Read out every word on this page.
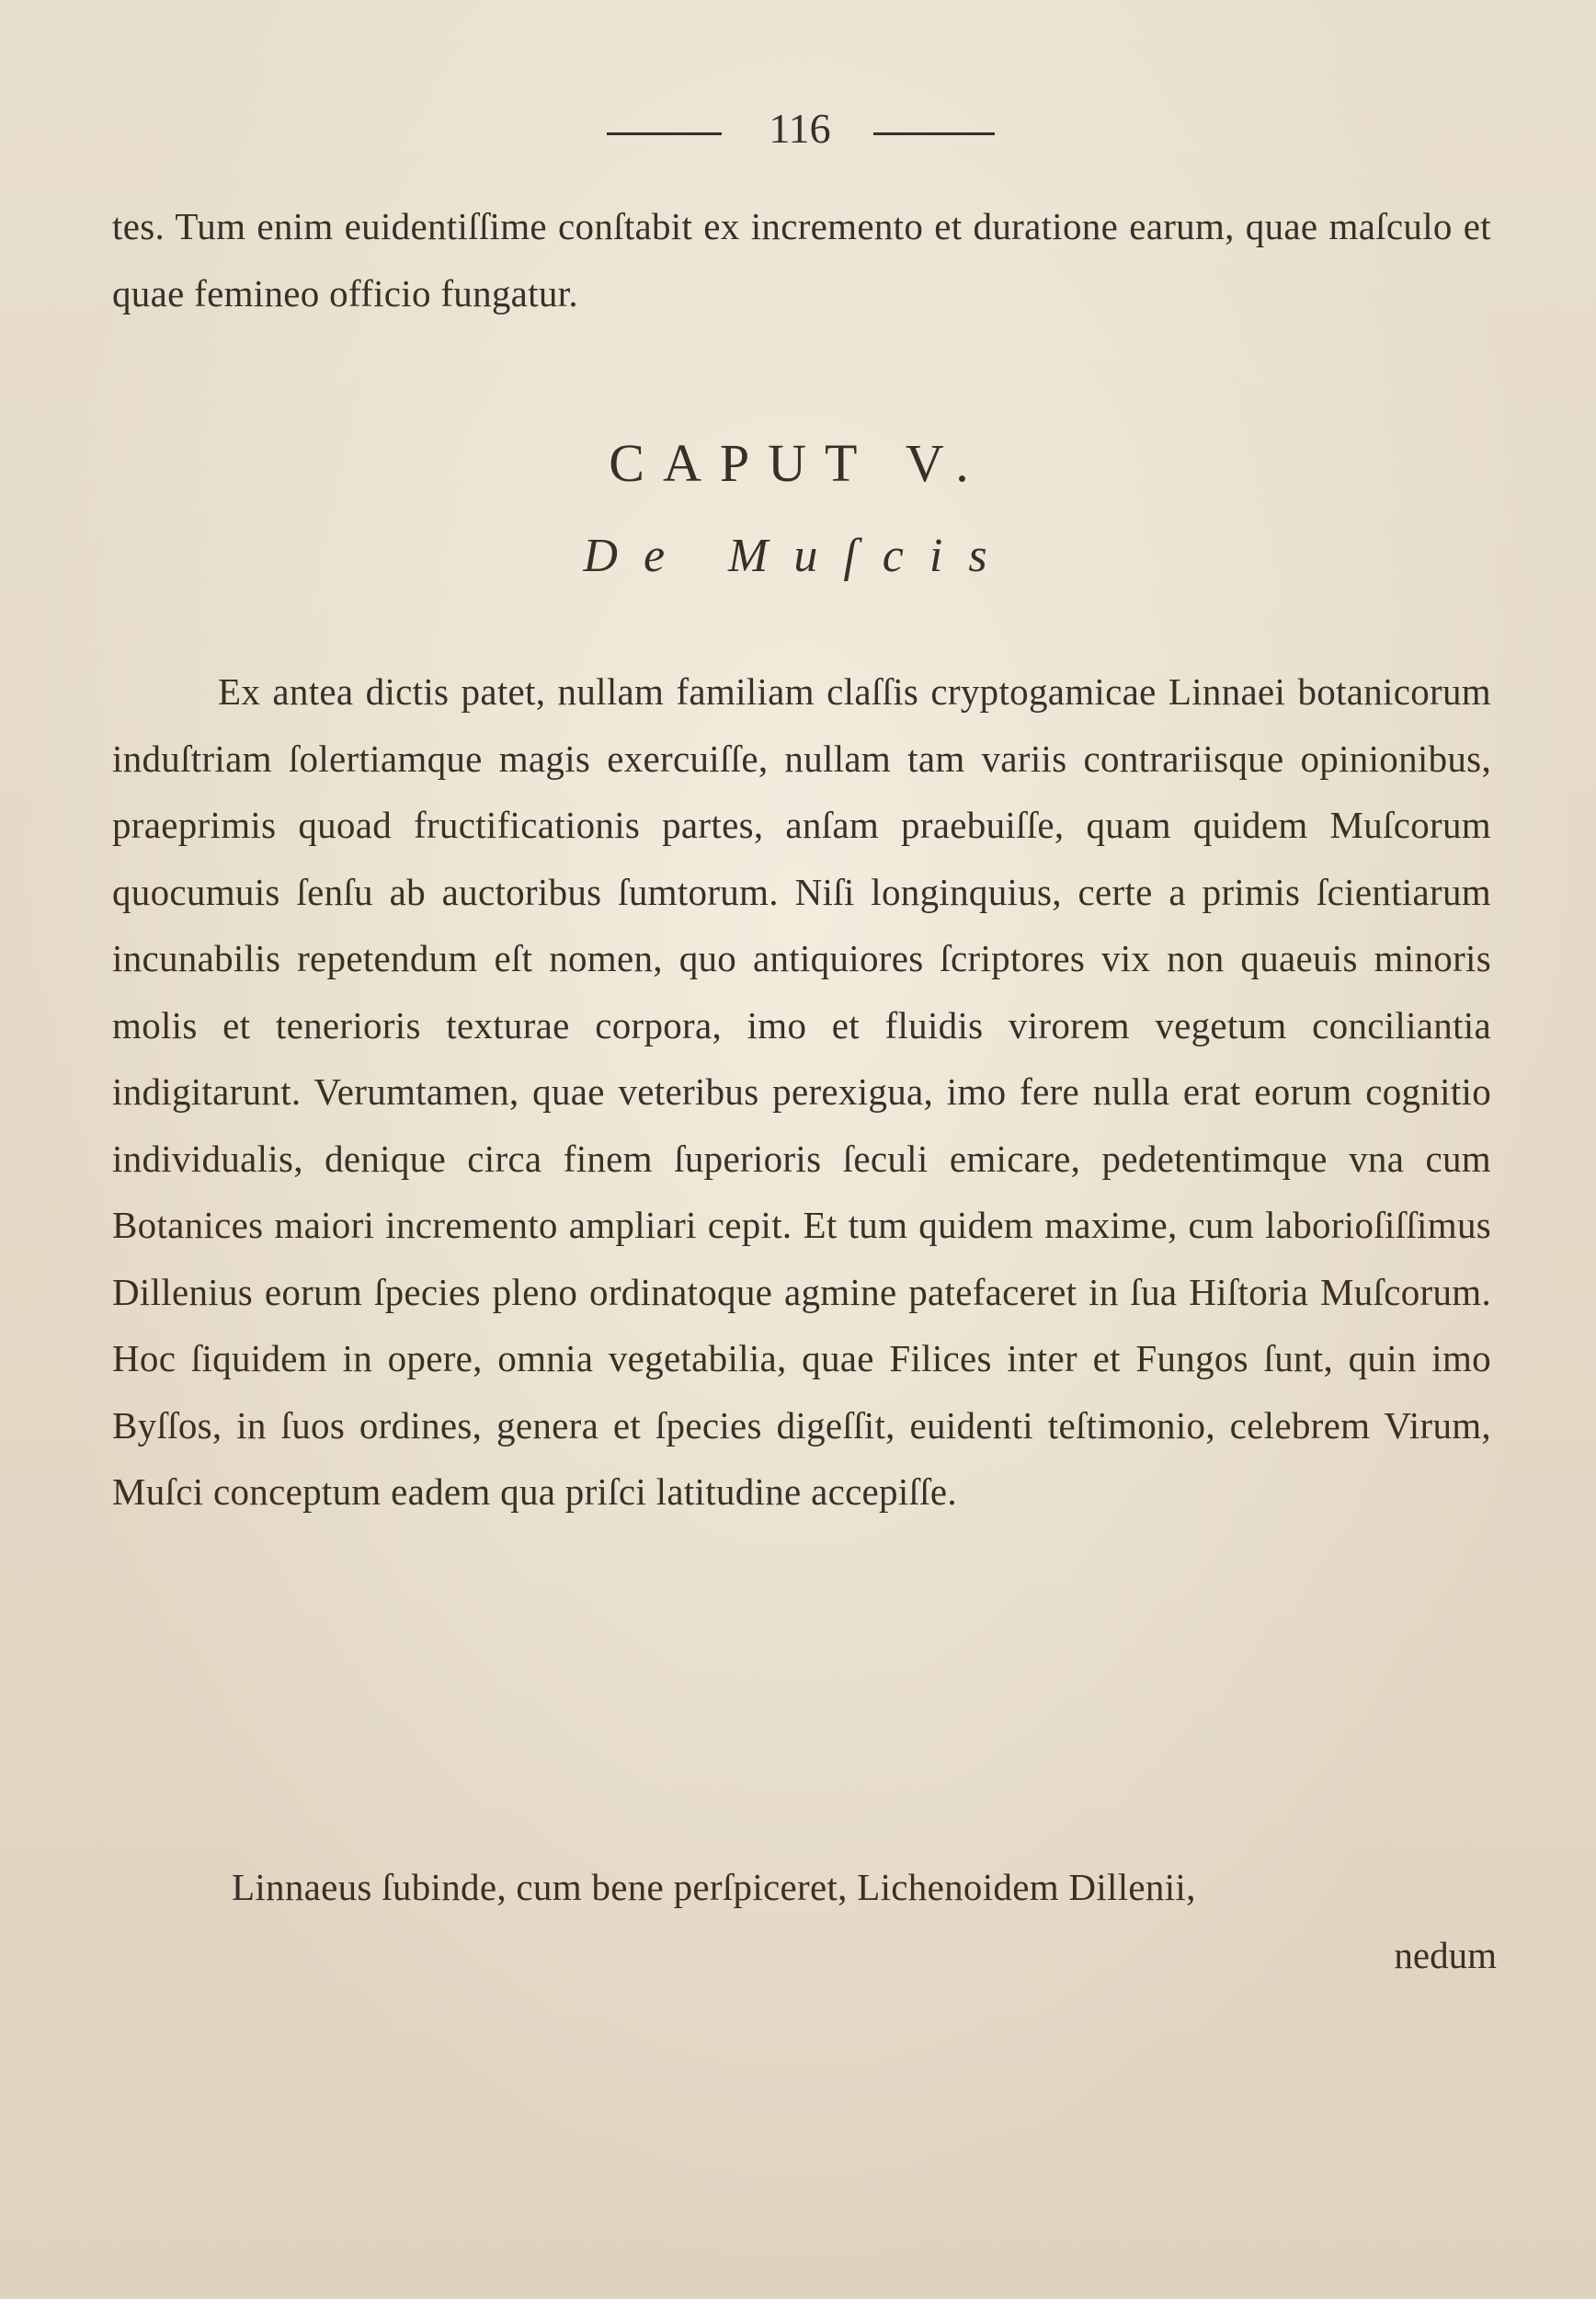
116

tes. Tum enim euidentiſſime conſtabit ex incremento et duratione earum, quae maſculo et quae femineo officio fungatur.

CAPUT V.
De Muſcis

Ex antea dictis patet, nullam familiam claſſis cryptogamicae Linnaei botanicorum induſtriam ſolertiamque magis exercuiſſe, nullam tam variis contrariisque opinionibus, praeprimis quoad fructificationis partes, anſam praebuiſſe, quam quidem Muſcorum quocumuis ſenſu ab auctoribus ſumtorum. Niſi longinquius, certe a primis ſcientiarum incunabilis repetendum eſt nomen, quo antiquiores ſcriptores vix non quaeuis minoris molis et tenerioris texturae corpora, imo et fluidis virorem vegetum conciliantia indigitarunt. Verumtamen, quae veteribus perexigua, imo fere nulla erat eorum cognitio individualis, denique circa finem ſuperioris ſeculi emicare, pedetentimque vna cum Botanices maiori incremento ampliari cepit. Et tum quidem maxime, cum laborioſiſſimus Dillenius eorum ſpecies pleno ordinatoque agmine patefaceret in ſua Hiſtoria Muſcorum. Hoc ſiquidem in opere, omnia vegetabilia, quae Filices inter et Fungos ſunt, quin imo Byſſos, in ſuos ordines, genera et ſpecies digeſſit, euidenti teſtimonio, celebrem Virum, Muſci conceptum eadem qua priſci latitudine accepiſſe.

Linnaeus ſubinde, cum bene perſpiceret, Lichenoidem Dillenii,

nedum
